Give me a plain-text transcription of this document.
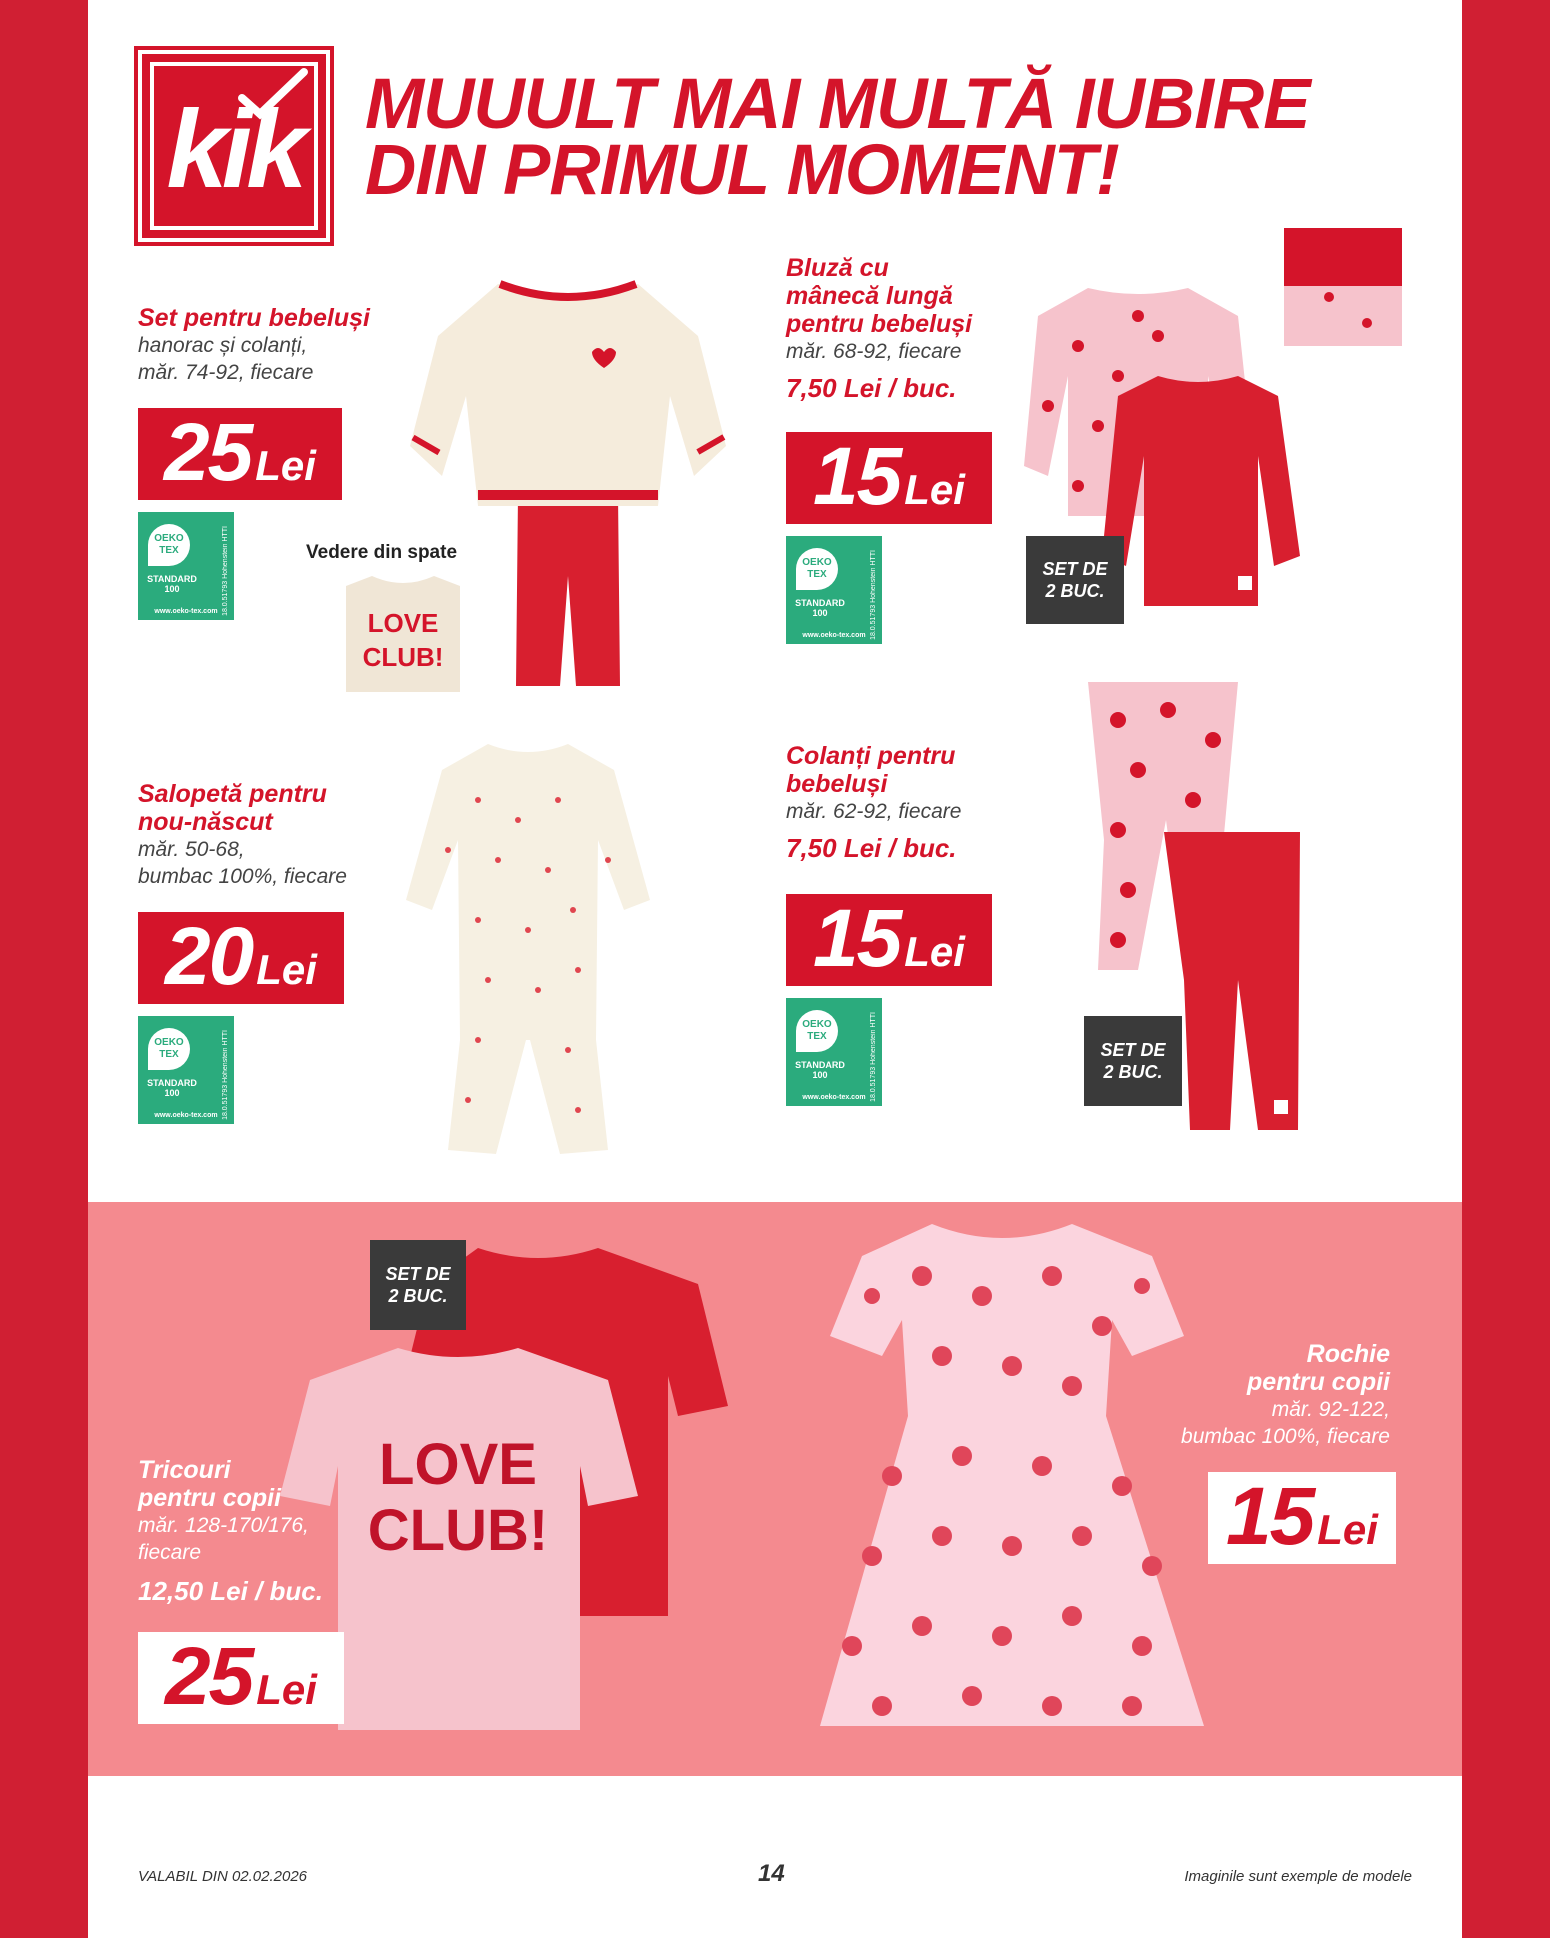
kik MUUULT MAI MULTĂ IUBIRE
DIN PRIMUL MOMENT!
Set pentru bebeluși
hanorac și colanți,
măr. 74-92, fiecare
25 Lei
OEKO
TEX
STANDARD
100	18.0.51793 Hohenstein HTTI
www.oeko-tex.com
Vedere din spate
LOVE
CLUB!
Bluză cu
mânecă lungă
pentru bebeluși
măr. 68-92, fiecare
7,50 Lei / buc.
15 Lei
OEKO
TEX
STANDARD
100	18.0.51793 Hohenstein HTTI
www.oeko-tex.com
SET DE
2 BUC.
Salopetă pentru
nou-născut
măr. 50-68,
bumbac 100%, fiecare
20 Lei
OEKO
TEX
STANDARD
100	18.0.51793 Hohenstein HTTI
www.oeko-tex.com
Colanți pentru
bebeluși
măr. 62-92, fiecare
7,50 Lei / buc.
15 Lei
OEKO
TEX
STANDARD
100	18.0.51793 Hohenstein HTTI
www.oeko-tex.com
SET DE
2 BUC.
LOVE
CLUB!
SET DE
2 BUC.
Tricouri
pentru copii
măr. 128-170/176,
fiecare
12,50 Lei / buc.
25 Lei
Rochie
pentru copii
măr. 92-122,
bumbac 100%, fiecare
15 Lei
VALABIL DIN 02.02.2026	14	Imaginile sunt exemple de modele
